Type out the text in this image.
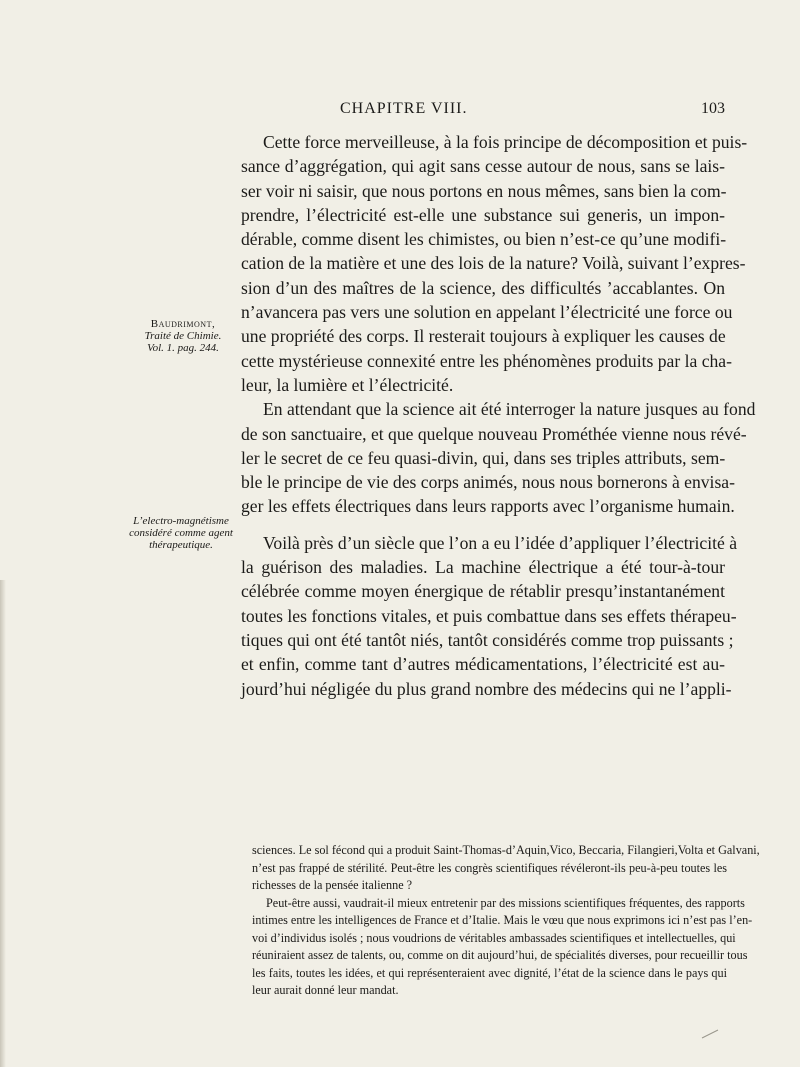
CHAPITRE VIII.	103
Baudrimont,
Traité de Chimie.
Vol. 1. pag. 244.
L’electro-magnétisme
considéré comme agent
thérapeutique.

Cette force merveilleuse, à la fois principe de décomposition et puis-
sance d’aggrégation, qui agit sans cesse autour de nous, sans se lais-
ser voir ni saisir, que nous portons en nous mêmes, sans bien la com-
prendre, l’électricité est-elle une substance sui generis, un impon-
dérable, comme disent les chimistes, ou bien n’est-ce qu’une modifi-
cation de la matière et une des lois de la nature? Voilà, suivant l’expres-
sion d’un des maîtres de la science, des difficultés ʼaccablantes. On
n’avancera pas vers une solution en appelant l’électricité une force ou
une propriété des corps. Il resterait toujours à expliquer les causes de
cette mystérieuse connexité entre les phénomènes produits par la cha-
leur, la lumière et l’électricité.

En attendant que la science ait été interroger la nature jusques au fond
de son sanctuaire, et que quelque nouveau Prométhée vienne nous révé-
ler le secret de ce feu quasi-divin, qui, dans ses triples attributs, sem-
ble le principe de vie des corps animés, nous nous bornerons à envisa-
ger les effets électriques dans leurs rapports avec l’organisme humain.

Voilà près d’un siècle que l’on a eu l’idée d’appliquer l’électricité à
la guérison des maladies. La machine électrique a été tour-à-tour
célébrée comme moyen énergique de rétablir presqu’instantanément
toutes les fonctions vitales, et puis combattue dans ses effets thérapeu-
tiques qui ont été tantôt niés, tantôt considérés comme trop puissants ;
et enfin, comme tant d’autres médicamentations, l’électricité est au-
jourd’hui négligée du plus grand nombre des médecins qui ne l’appli-

sciences. Le sol fécond qui a produit Saint-Thomas-d’Aquin,Vico, Beccaria, Filangieri,Volta et Galvani,
n’est pas frappé de stérilité. Peut-être les congrès scientifiques révéleront-ils peu-à-peu toutes les
richesses de la pensée italienne ?

Peut-être aussi, vaudrait-il mieux entretenir par des missions scientifiques fréquentes, des rapports
intimes entre les intelligences de France et d’Italie. Mais le vœu que nous exprimons ici n’est pas l’en-
voi d’individus isolés ; nous voudrions de véritables ambassades scientifiques et intellectuelles, qui
réuniraient assez de talents, ou, comme on dit aujourd’hui, de spécialités diverses, pour recueillir tous
les faits, toutes les idées, et qui représenteraient avec dignité, l’état de la science dans le pays qui
leur aurait donné leur mandat.
